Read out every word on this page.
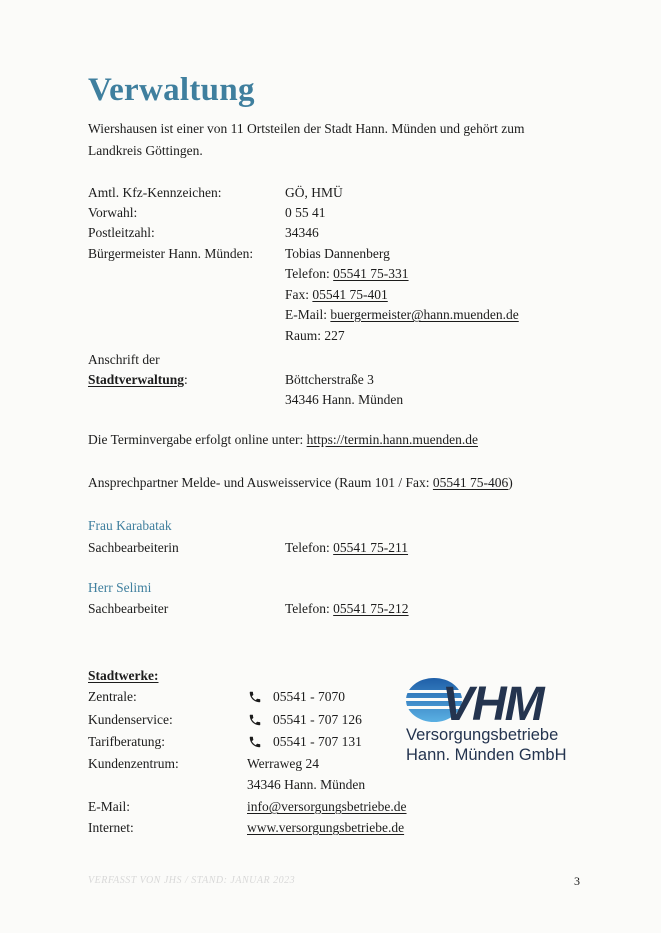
Verwaltung
Wiershausen ist einer von 11 Ortsteilen der Stadt Hann. Münden und gehört zum Landkreis Göttingen.
Amtl. Kfz-Kennzeichen:	GÖ, HMÜ
Vorwahl:	0 55 41
Postleitzahl:	34346
Bürgermeister Hann. Münden: Tobias Dannenberg
Telefon: 05541 75-331
Fax: 05541 75-401
E-Mail: buergermeister@hann.muenden.de
Raum: 227
Anschrift der
Stadtverwaltung:	Böttcherstraße 3
34346 Hann. Münden
Die Terminvergabe erfolgt online unter: https://termin.hann.muenden.de
Ansprechpartner Melde- und Ausweisservice (Raum 101 / Fax: 05541 75-406)
Frau Karabatak
Sachbearbeiterin	Telefon: 05541 75-211
Herr Selimi
Sachbearbeiter	Telefon: 05541 75-212
Stadtwerke:
Zentrale:	05541 - 7070
Kundenservice:	05541 - 707 126
Tarifberatung:	05541 - 707 131
Kundenzentrum:	Werraweg 24
34346 Hann. Münden
E-Mail:	info@versorgungsbetriebe.de
Internet:	www.versorgungsbetriebe.de
VHM
Versorgungsbetriebe
Hann. Münden GmbH
VERFASST VON JHS / STAND: JANUAR 2023	3
